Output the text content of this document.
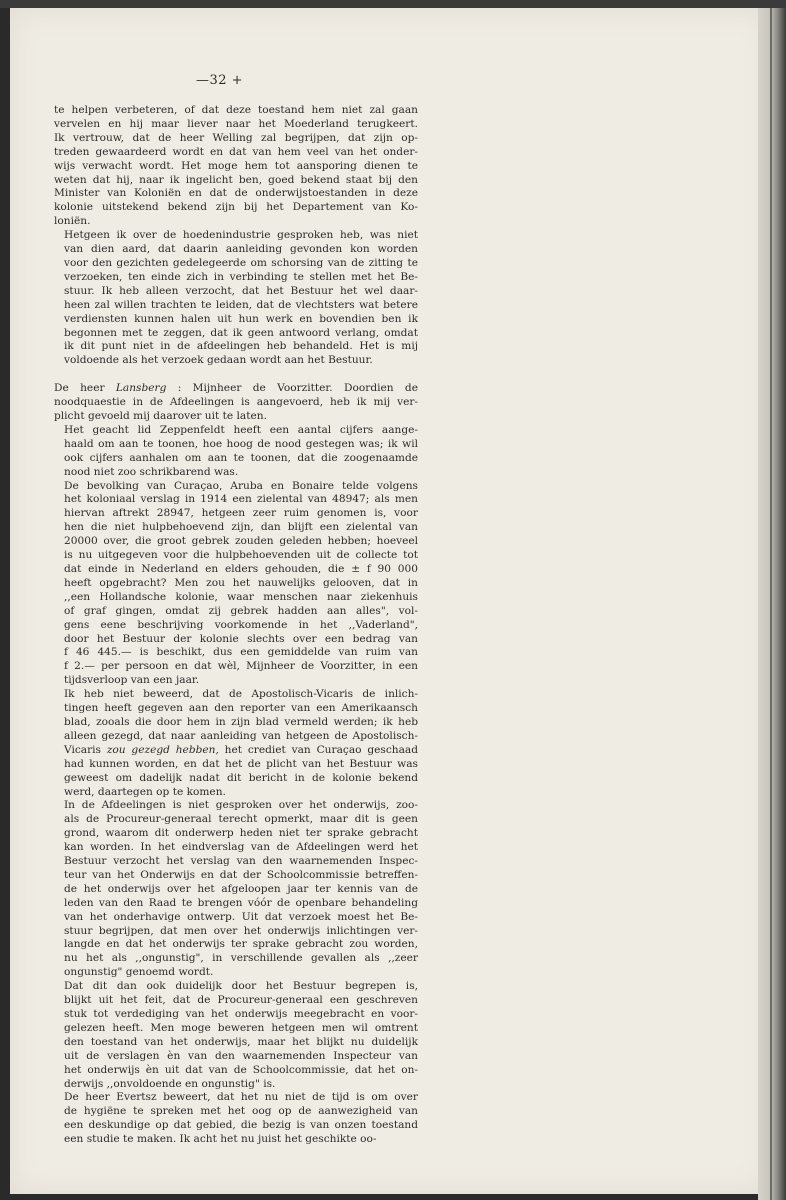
—32 +
te helpen verbeteren, of dat deze toestand hem niet zal gaan
vervelen en hij maar liever naar het Moederland terugkeert.
Ik vertrouw, dat de heer Welling zal begrijpen, dat zijn op-
treden gewaardeerd wordt en dat van hem veel van het onder-
wijs verwacht wordt. Het moge hem tot aansporing dienen te
weten dat hij, naar ik ingelicht ben, goed bekend staat bij den
Minister van Koloniën en dat de onderwijstoestanden in deze
kolonie uitstekend bekend zijn bij het Departement van Ko-
loniën.
Hetgeen ik over de hoedenindustrie gesproken heb, was niet
van dien aard, dat daarin aanleiding gevonden kon worden
voor den gezichten gedelegeerde om schorsing van de zitting te
verzoeken, ten einde zich in verbinding te stellen met het Be-
stuur. Ik heb alleen verzocht, dat het Bestuur het wel daar-
heen zal willen trachten te leiden, dat de vlechtsters wat betere
verdiensten kunnen halen uit hun werk en bovendien ben ik
begonnen met te zeggen, dat ik geen antwoord verlang, omdat
ik dit punt niet in de afdeelingen heb behandeld. Het is mij
voldoende als het verzoek gedaan wordt aan het Bestuur.
De heer Lansberg : Mijnheer de Voorzitter. Doordien de
noodquaestie in de Afdeelingen is aangevoerd, heb ik mij ver-
plicht gevoeld mij daarover uit te laten.
Het geacht lid Zeppenfeldt heeft een aantal cijfers aange-
haald om aan te toonen, hoe hoog de nood gestegen was; ik wil
ook cijfers aanhalen om aan te toonen, dat die zoogenaamde
nood niet zoo schrikbarend was.
De bevolking van Curaçao, Aruba en Bonaire telde volgens
het koloniaal verslag in 1914 een zielental van 48947; als men
hiervan aftrekt 28947, hetgeen zeer ruim genomen is, voor
hen die niet hulpbehoevend zijn, dan blijft een zielental van
20000 over, die groot gebrek zouden geleden hebben; hoeveel
is nu uitgegeven voor die hulpbehoevenden uit de collecte tot
dat einde in Nederland en elders gehouden, die ± f 90 000
heeft opgebracht? Men zou het nauwelijks gelooven, dat in
,,een Hollandsche kolonie, waar menschen naar ziekenhuis
of graf gingen, omdat zij gebrek hadden aan alles", vol-
gens eene beschrijving voorkomende in het ,,Vaderland",
door het Bestuur der kolonie slechts over een bedrag van
f 46 445.— is beschikt, dus een gemiddelde van ruim van
f 2.— per persoon en dat wèl, Mijnheer de Voorzitter, in een
tijdsverloop van een jaar.
Ik heb niet beweerd, dat de Apostolisch-Vicaris de inlich-
tingen heeft gegeven aan den reporter van een Amerikaansch
blad, zooals die door hem in zijn blad vermeld werden; ik heb
alleen gezegd, dat naar aanleiding van hetgeen de Apostolisch-
Vicaris zou gezegd hebben, het crediet van Curaçao geschaad
had kunnen worden, en dat het de plicht van het Bestuur was
geweest om dadelijk nadat dit bericht in de kolonie bekend
werd, daartegen op te komen.
In de Afdeelingen is niet gesproken over het onderwijs, zoo-
als de Procureur-generaal terecht opmerkt, maar dit is geen
grond, waarom dit onderwerp heden niet ter sprake gebracht
kan worden. In het eindverslag van de Afdeelingen werd het
Bestuur verzocht het verslag van den waarnemenden Inspec-
teur van het Onderwijs en dat der Schoolcommissie betreffen-
de het onderwijs over het afgeloopen jaar ter kennis van de
leden van den Raad te brengen vóór de openbare behandeling
van het onderhavige ontwerp. Uit dat verzoek moest het Be-
stuur begrijpen, dat men over het onderwijs inlichtingen ver-
langde en dat het onderwijs ter sprake gebracht zou worden,
nu het als ,,ongunstig", in verschillende gevallen als ,,zeer
ongunstig" genoemd wordt.
Dat dit dan ook duidelijk door het Bestuur begrepen is,
blijkt uit het feit, dat de Procureur-generaal een geschreven
stuk tot verdediging van het onderwijs meegebracht en voor-
gelezen heeft. Men moge beweren hetgeen men wil omtrent
den toestand van het onderwijs, maar het blijkt nu duidelijk
uit de verslagen èn van den waarnemenden Inspecteur van
het onderwijs èn uit dat van de Schoolcommissie, dat het on-
derwijs ,,onvoldoende en ongunstig" is.
De heer Evertsz beweert, dat het nu niet de tijd is om over
de hygiëne te spreken met het oog op de aanwezigheid van
een deskundige op dat gebied, die bezig is van onzen toestand
een studie te maken. Ik acht het nu juist het geschikte oo-
